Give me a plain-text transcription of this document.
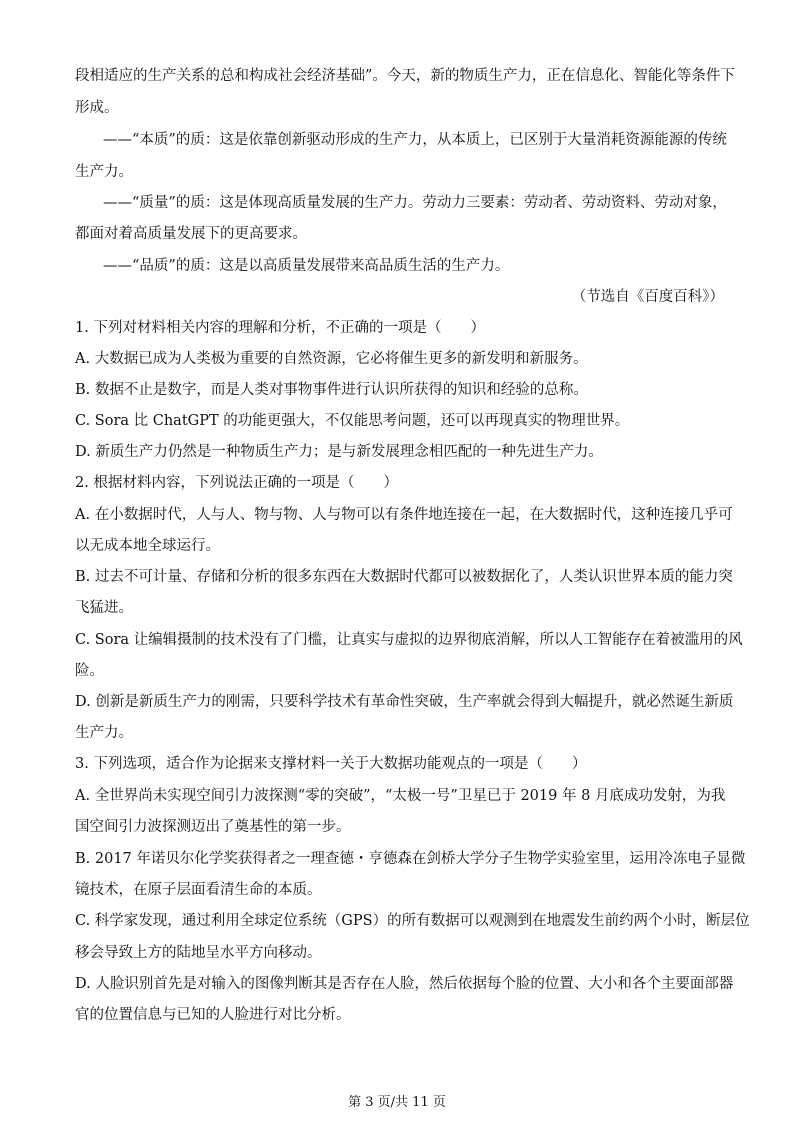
段相适应的生产关系的总和构成社会经济基础”。今天，新的物质生产力，正在信息化、智能化等条件下
形成。
——“本质”的质：这是依靠创新驱动形成的生产力，从本质上，已区别于大量消耗资源能源的传统
生产力。
——“质量”的质：这是体现高质量发展的生产力。劳动力三要素：劳动者、劳动资料、劳动对象，
都面对着高质量发展下的更高要求。
——“品质”的质：这是以高质量发展带来高品质生活的生产力。
（节选自《百度百科》）
1. 下列对材料相关内容的理解和分析，不正确的一项是（　　）
A. 大数据已成为人类极为重要的自然资源，它必将催生更多的新发明和新服务。
B. 数据不止是数字，而是人类对事物事件进行认识所获得的知识和经验的总称。
C. Sora 比 ChatGPT 的功能更强大，不仅能思考问题，还可以再现真实的物理世界。
D. 新质生产力仍然是一种物质生产力；是与新发展理念相匹配的一种先进生产力。
2. 根据材料内容，下列说法正确的一项是（　　）
A. 在小数据时代，人与人、物与物、人与物可以有条件地连接在一起，在大数据时代，这种连接几乎可
以无成本地全球运行。
B. 过去不可计量、存储和分析的很多东西在大数据时代都可以被数据化了，人类认识世界本质的能力突
飞猛进。
C. Sora 让编辑摄制的技术没有了门槛，让真实与虚拟的边界彻底消解，所以人工智能存在着被滥用的风
险。
D. 创新是新质生产力的刚需，只要科学技术有革命性突破，生产率就会得到大幅提升，就必然诞生新质
生产力。
3. 下列选项，适合作为论据来支撑材料一关于大数据功能观点的一项是（　　）
A. 全世界尚未实现空间引力波探测“零的突破”，“太极一号”卫星已于 2019 年 8 月底成功发射，为我
国空间引力波探测迈出了奠基性的第一步。
B. 2017 年诺贝尔化学奖获得者之一理查德・亨德森在剑桥大学分子生物学实验室里，运用冷冻电子显微
镜技术，在原子层面看清生命的本质。
C. 科学家发现，通过利用全球定位系统（GPS）的所有数据可以观测到在地震发生前约两个小时，断层位
移会导致上方的陆地呈水平方向移动。
D. 人脸识别首先是对输入的图像判断其是否存在人脸，然后依据每个脸的位置、大小和各个主要面部器
官的位置信息与已知的人脸进行对比分析。
第 3 页/共 11 页
